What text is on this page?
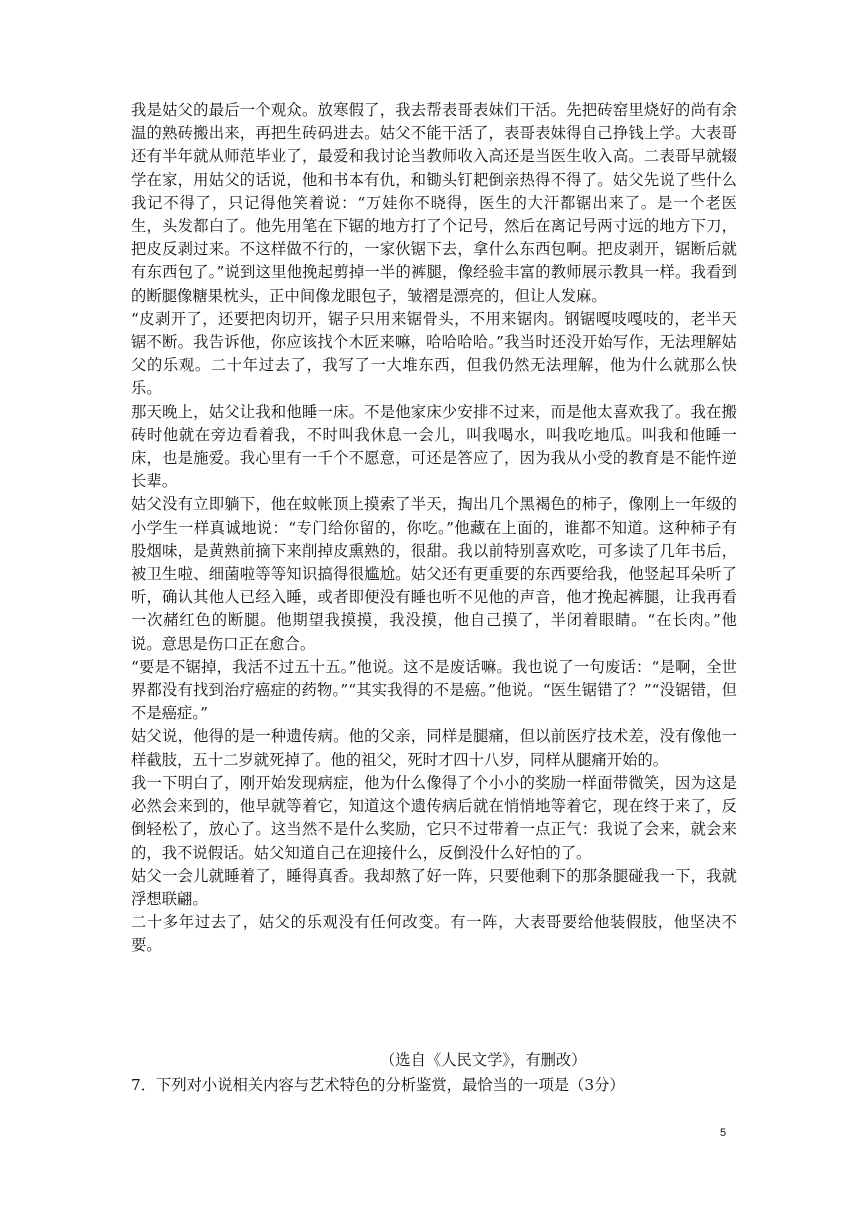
我是姑父的最后一个观众。放寒假了，我去帮表哥表妹们干活。先把砖窑里烧好的尚有余温的熟砖搬出来，再把生砖码进去。姑父不能干活了，表哥表妹得自己挣钱上学。大表哥还有半年就从师范毕业了，最爱和我讨论当教师收入高还是当医生收入高。二表哥早就辍学在家，用姑父的话说，他和书本有仇，和锄头钉耙倒亲热得不得了。姑父先说了些什么我记不得了，只记得他笑着说：“万娃你不晓得，医生的大汗都锯出来了。是一个老医生，头发都白了。他先用笔在下锯的地方打了个记号，然后在离记号两寸远的地方下刀，把皮反剥过来。不这样做不行的，一家伙锯下去，拿什么东西包啊。把皮剥开，锯断后就有东西包了。”说到这里他挽起剪掉一半的裤腿，像经验丰富的教师展示教具一样。我看到的断腿像糖果枕头，正中间像龙眼包子，皱褶是漂亮的，但让人发麻。

“皮剥开了，还要把肉切开，锯子只用来锯骨头，不用来锯肉。钢锯嘎吱嘎吱的，老半天锯不断。我告诉他，你应该找个木匠来嘛，哈哈哈哈。”我当时还没开始写作，无法理解姑父的乐观。二十年过去了，我写了一大堆东西，但我仍然无法理解，他为什么就那么快乐。

那天晚上，姑父让我和他睡一床。不是他家床少安排不过来，而是他太喜欢我了。我在搬砖时他就在旁边看着我，不时叫我休息一会儿，叫我喝水，叫我吃地瓜。叫我和他睡一床，也是施爱。我心里有一千个不愿意，可还是答应了，因为我从小受的教育是不能忤逆长辈。

姑父没有立即躺下，他在蚊帐顶上摸索了半天，掏出几个黑褐色的柿子，像刚上一年级的小学生一样真诚地说：“专门给你留的，你吃。”他藏在上面的，谁都不知道。这种柿子有股烟味，是黄熟前摘下来削掉皮熏熟的，很甜。我以前特别喜欢吃，可多读了几年书后，被卫生啦、细菌啦等等知识搞得很尴尬。姑父还有更重要的东西要给我，他竖起耳朵听了听，确认其他人已经入睡，或者即便没有睡也听不见他的声音，他才挽起裤腿，让我再看一次赭红色的断腿。他期望我摸摸，我没摸，他自己摸了，半闭着眼睛。“在长肉。”他说。意思是伤口正在愈合。

“要是不锯掉，我活不过五十五。”他说。这不是废话嘛。我也说了一句废话：“是啊，全世界都没有找到治疗癌症的药物。”“其实我得的不是癌。”他说。“医生锯错了？”“没锯错，但不是癌症。”

姑父说，他得的是一种遗传病。他的父亲，同样是腿痛，但以前医疗技术差，没有像他一样截肢，五十二岁就死掉了。他的祖父，死时才四十八岁，同样从腿痛开始的。

我一下明白了，刚开始发现病症，他为什么像得了个小小的奖励一样面带微笑，因为这是必然会来到的，他早就等着它，知道这个遗传病后就在悄悄地等着它，现在终于来了，反倒轻松了，放心了。这当然不是什么奖励，它只不过带着一点正气：我说了会来，就会来的，我不说假话。姑父知道自己在迎接什么，反倒没什么好怕的了。

姑父一会儿就睡着了，睡得真香。我却熬了好一阵，只要他剩下的那条腿碰我一下，我就浮想联翩。

二十多年过去了，姑父的乐观没有任何改变。有一阵，大表哥要给他装假肢，他坚决不要。

（选自《人民文学》，有删改）

7．下列对小说相关内容与艺术特色的分析鉴赏，最恰当的一项是（3分）

5
